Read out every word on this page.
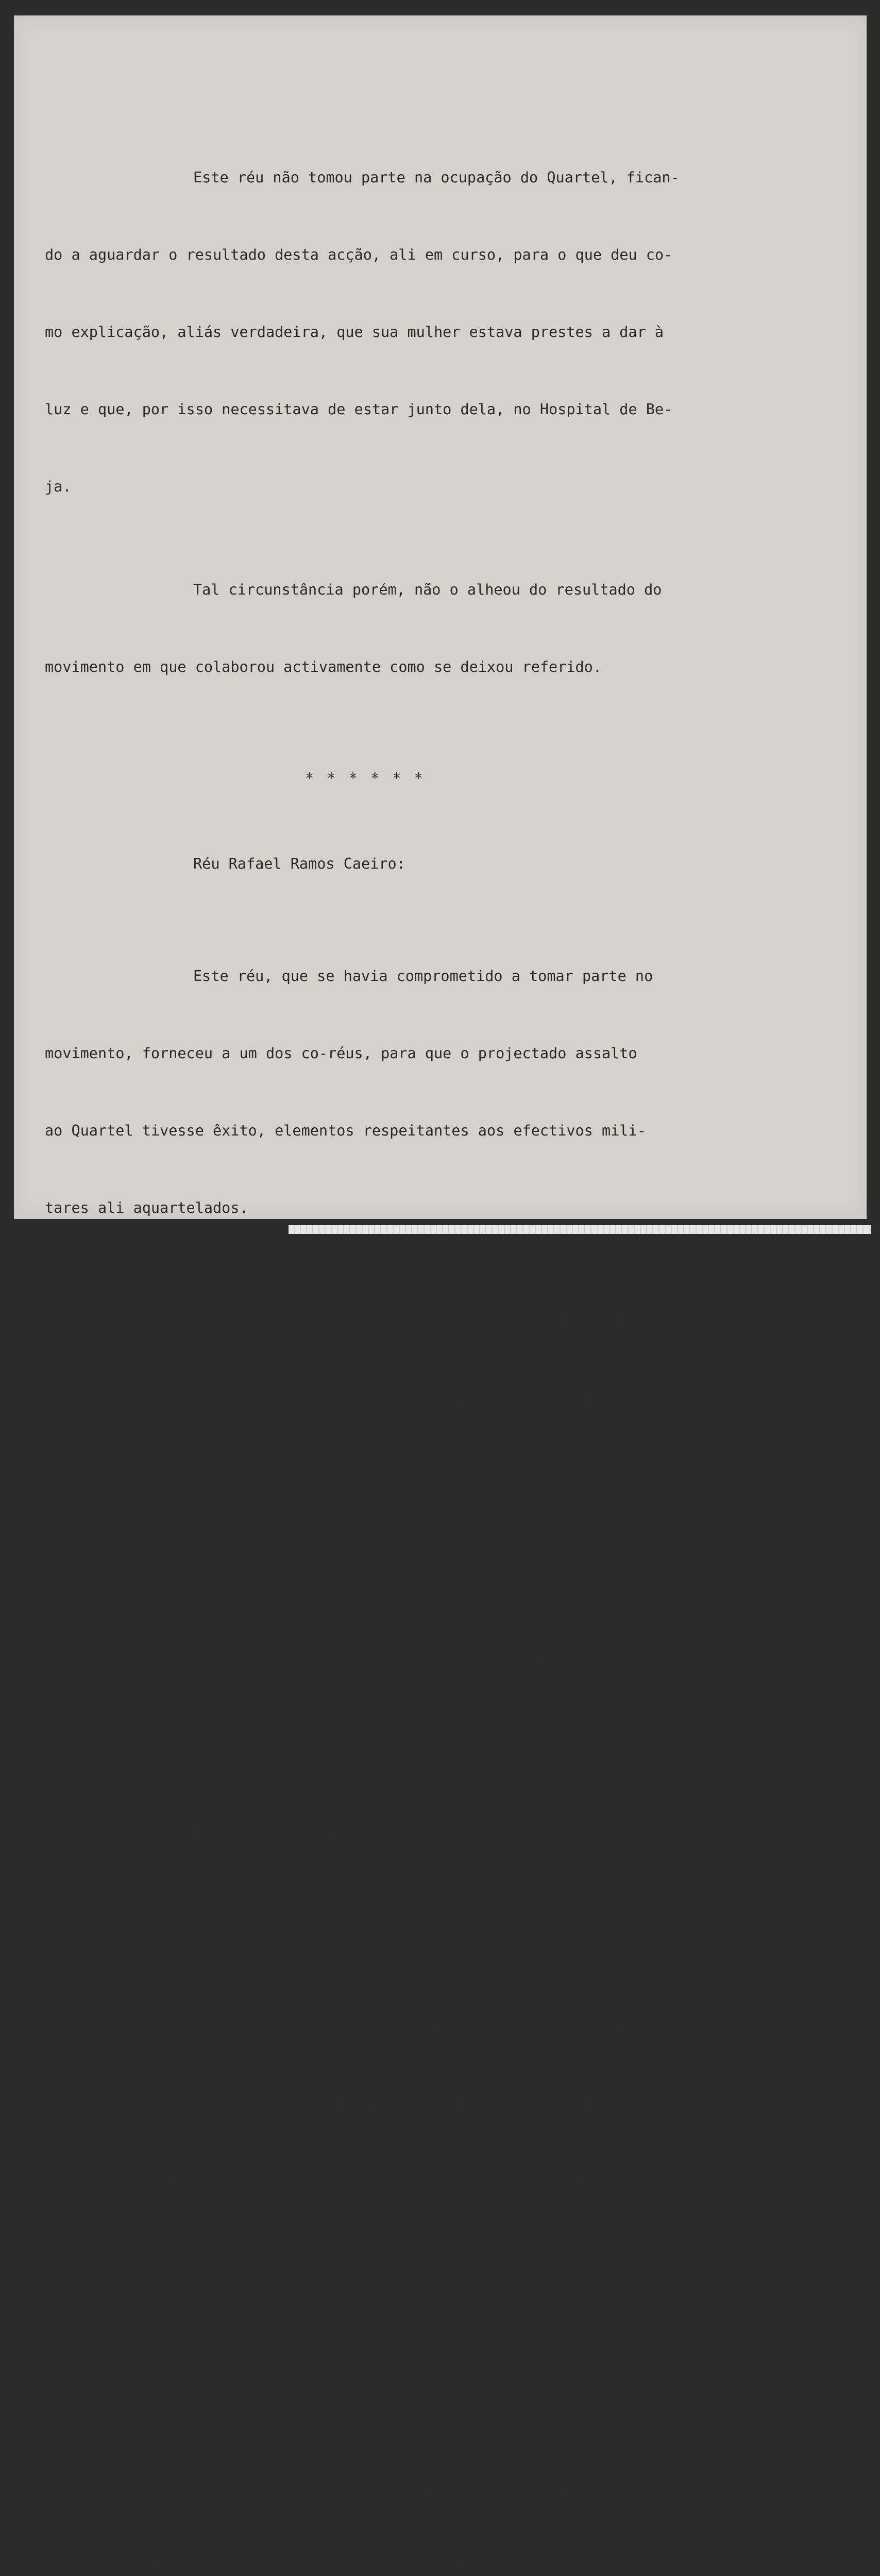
Este réu não tomou parte na ocupação do Quartel, fican-

do a aguardar o resultado desta acção, ali em curso, para o que deu co-

mo explicação, aliás verdadeira, que sua mulher estava prestes a dar à

luz e que, por isso necessitava de estar junto dela, no Hospital de Be-

ja.

Tal circunstância porém, não o alheou do resultado do

movimento em que colaborou activamente como se deixou referido.

* * * * * *

Réu Rafael Ramos Caeiro:

Este réu, que se havia comprometido a tomar parte no

movimento, forneceu a um dos co-réus, para que o projectado assalto

ao Quartel tivesse êxito, elementos respeitantes aos efectivos mili-

tares ali aquartelados.

Ainda acompanhou, numa visita às dependências da Uni-

dade o mesmo co-réu, para lhe mostrar a localização da casa da guarda,

edifício do comando, gabinete do oficial de dia, parques de viaturas

e paiois.

De tudo era bem sabedor, pois ali servia como primeiro

cabo.

Numa reunião em que participou, recebeu de um co-réu in-

dicações necessárias e atinentes ao bom êxito da empresa.

Ficou este réu a esperar fora do Quartel, o resultado

do assalto, porém disposto a actuar, seguidamente à sua tomada, conjun-

tamente com outros réus dispostos a prosseguirem na acção empreendida.

* * * * * *

Réu Edmundo Pedro:

Este réu tomou parte bastante activa no movimento revo-

lucionário que culminou com o assalto ao Quartel de Beja, na já referi-
